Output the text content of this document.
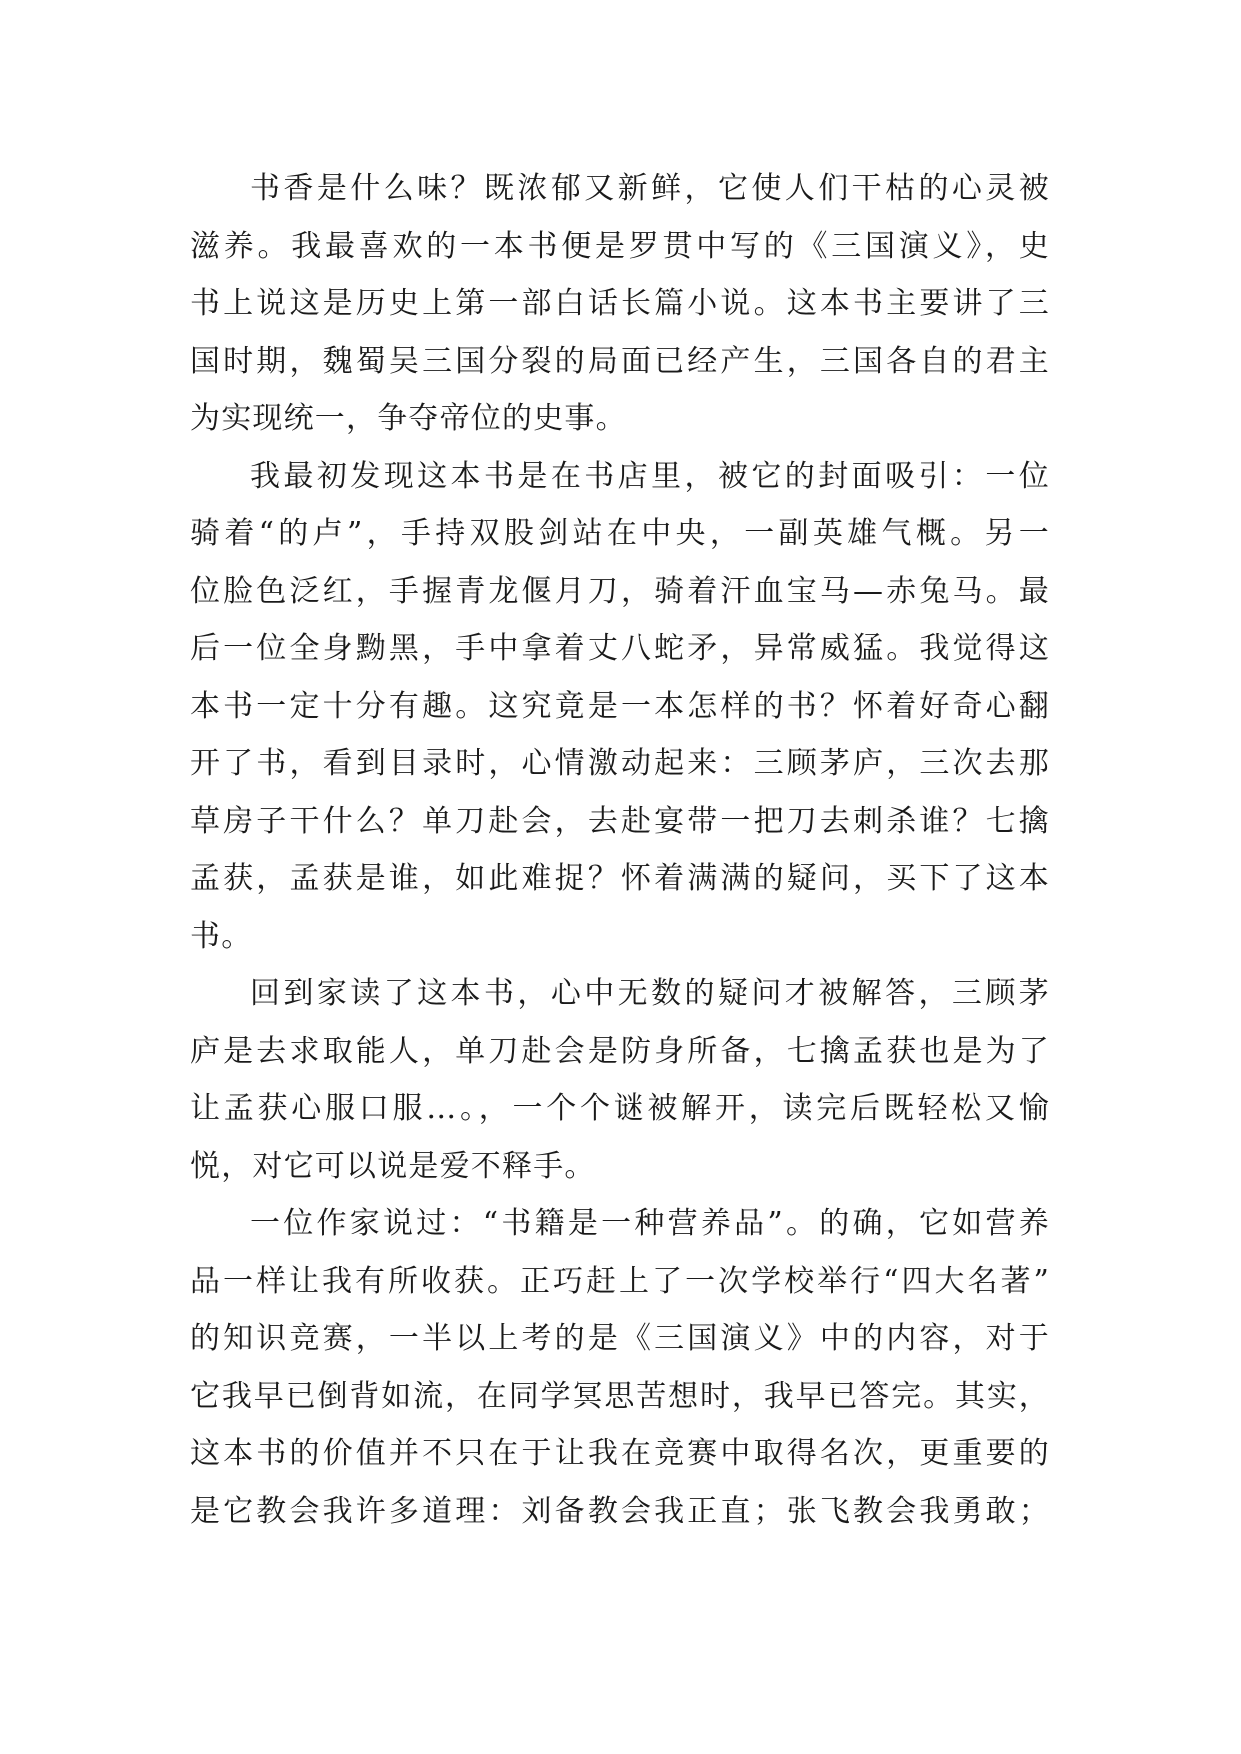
书香是什么味？既浓郁又新鲜，它使人们干枯的心灵被
滋养。我最喜欢的一本书便是罗贯中写的《三国演义》，史
书上说这是历史上第一部白话长篇小说。这本书主要讲了三
国时期，魏蜀吴三国分裂的局面已经产生，三国各自的君主
为实现统一，争夺帝位的史事。
我最初发现这本书是在书店里，被它的封面吸引：一位
骑着“的卢”，手持双股剑站在中央，一副英雄气概。另一
位脸色泛红，手握青龙偃月刀，骑着汗血宝马—赤兔马。最
后一位全身黝黑，手中拿着丈八蛇矛，异常威猛。我觉得这
本书一定十分有趣。这究竟是一本怎样的书？怀着好奇心翻
开了书，看到目录时，心情激动起来：三顾茅庐，三次去那
草房子干什么？单刀赴会，去赴宴带一把刀去刺杀谁？七擒
孟获，孟获是谁，如此难捉？怀着满满的疑问，买下了这本
书。
回到家读了这本书，心中无数的疑问才被解答，三顾茅
庐是去求取能人，单刀赴会是防身所备，七擒孟获也是为了
让孟获心服口服…。，一个个谜被解开，读完后既轻松又愉
悦，对它可以说是爱不释手。
一位作家说过：“书籍是一种营养品”。的确，它如营养
品一样让我有所收获。正巧赶上了一次学校举行“四大名著”
的知识竞赛，一半以上考的是《三国演义》中的内容，对于
它我早已倒背如流，在同学冥思苦想时，我早已答完。其实，
这本书的价值并不只在于让我在竞赛中取得名次，更重要的
是它教会我许多道理：刘备教会我正直；张飞教会我勇敢；
